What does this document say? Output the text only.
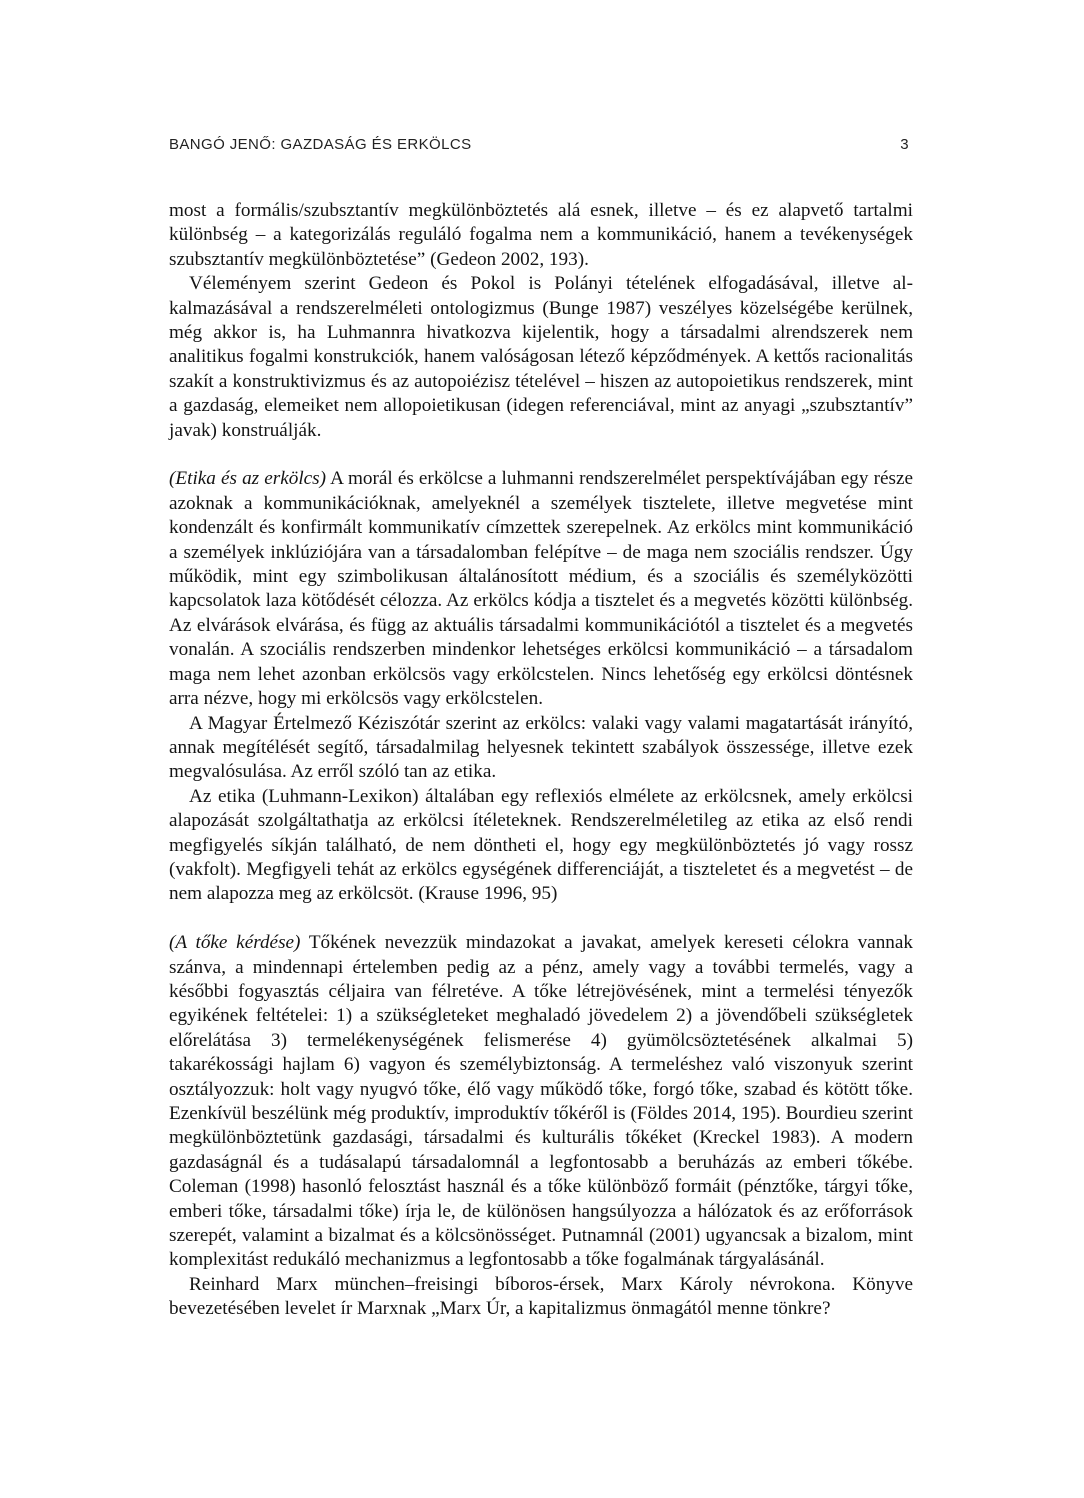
BANGÓ JENŐ: GAZDASÁG ÉS ERKÖLCS	3

most a formális/szubsztantív megkülönböztetés alá esnek, illetve – és ez alapvető tartalmi különbség – a kategorizálás reguláló fogalma nem a kommunikáció, hanem a tevékenységek szubsztantív megkülönböztetése” (Gedeon 2002, 193).

Véleményem szerint Gedeon és Pokol is Polányi tételének elfogadásával, illetve alkalmazásával a rendszerelméleti ontologizmus (Bunge 1987) veszélyes közelségébe kerülnek, még akkor is, ha Luhmannra hivatkozva kijelentik, hogy a társadalmi alrendszerek nem analitikus fogalmi konstrukciók, hanem valóságosan létező képződmények. A kettős racionalitás szakít a konstruktivizmus és az autopoiézisz tételével – hiszen az autopoietikus rendszerek, mint a gazdaság, elemeiket nem allopoietikusan (idegen referenciával, mint az anyagi „szubsztantív” javak) konstruálják.

(Etika és az erkölcs) A morál és erkölcse a luhmanni rendszerelmélet perspektívájában egy része azoknak a kommunikációknak, amelyeknél a személyek tisztelete, illetve megvetése mint kondenzált és konfirmált kommunikatív címzettek szerepelnek. Az erkölcs mint kommunikáció a személyek inklúziójára van a társadalomban felépítve – de maga nem szociális rendszer. Úgy működik, mint egy szimbolikusan általánosított médium, és a szociális és személyközötti kapcsolatok laza kötődését célozza. Az erkölcs kódja a tisztelet és a megvetés közötti különbség. Az elvárások elvárása, és függ az aktuális társadalmi kommunikációtól a tisztelet és a megvetés vonalán. A szociális rendszerben mindenkor lehetséges erkölcsi kommunikáció – a társadalom maga nem lehet azonban erkölcsös vagy erkölcstelen. Nincs lehetőség egy erkölcsi döntésnek arra nézve, hogy mi erkölcsös vagy erkölcstelen.

A Magyar Értelmező Kéziszótár szerint az erkölcs: valaki vagy valami magatartását irányító, annak megítélését segítő, társadalmilag helyesnek tekintett szabályok összessége, illetve ezek megvalósulása. Az erről szóló tan az etika.

Az etika (Luhmann-Lexikon) általában egy reflexiós elmélete az erkölcsnek, amely erkölcsi alapozását szolgáltathatja az erkölcsi ítéleteknek. Rendszerelméletileg az etika az első rendi megfigyelés síkján található, de nem döntheti el, hogy egy megkülönböztetés jó vagy rossz (vakfolt). Megfigyeli tehát az erkölcs egységének differenciáját, a tiszteletet és a megvetést – de nem alapozza meg az erkölcsöt. (Krause 1996, 95)

(A tőke kérdése) Tőkének nevezzük mindazokat a javakat, amelyek kereseti célokra vannak szánva, a mindennapi értelemben pedig az a pénz, amely vagy a további termelés, vagy a későbbi fogyasztás céljaira van félretéve. A tőke létrejövésének, mint a termelési tényezők egyikének feltételei: 1) a szükségleteket meghaladó jövedelem 2) a jövendőbeli szükségletek előrelátása 3) termelékenységének felismerése 4) gyümölcsöztetésének alkalmai 5) takarékossági hajlam 6) vagyon és személybiztonság. A termeléshez való viszonyuk szerint osztályozzuk: holt vagy nyugvó tőke, élő vagy működő tőke, forgó tőke, szabad és kötött tőke. Ezenkívül beszélünk még produktív, improduktív tőkéről is (Földes 2014, 195). Bourdieu szerint megkülönböztetünk gazdasági, társadalmi és kulturális tőkéket (Kreckel 1983). A modern gazdaságnál és a tudásalapú társadalomnál a legfontosabb a beruházás az emberi tőkébe. Coleman (1998) hasonló felosztást használ és a tőke különböző formáit (pénztőke, tárgyi tőke, emberi tőke, társadalmi tőke) írja le, de különösen hangsúlyozza a hálózatok és az erőforrások szerepét, valamint a bizalmat és a kölcsönösséget. Putnamnál (2001) ugyancsak a bizalom, mint komplexitást redukáló mechanizmus a legfontosabb a tőke fogalmának tárgyalásánál.

Reinhard Marx münchen–freisingi bíboros-érsek, Marx Károly névrokona. Könyve bevezetésében levelet ír Marxnak „Marx Úr, a kapitalizmus önmagától menne tönkre?
